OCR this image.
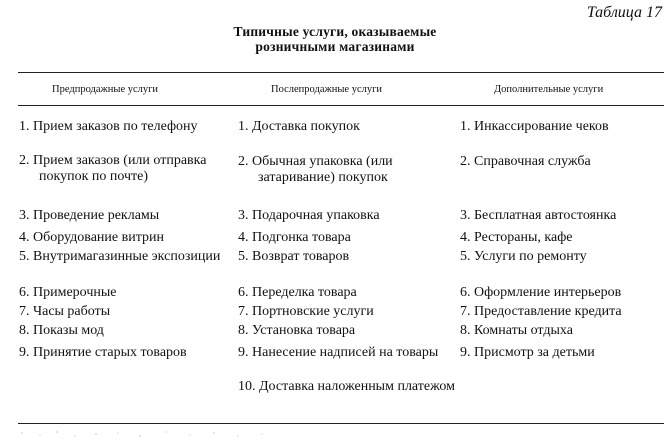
Таблица 17
Типичные услуги, оказываемые
розничными магазинами
Предпродажные услуги	Послепродажные услуги	Дополнительные услуги
1. Прием заказов по телефону
2. Прием заказов (или отправка покупок по почте)
3. Проведение рекламы
4. Оборудование витрин
5. Внутримагазинные экспозиции
6. Примерочные
7. Часы работы
8. Показы мод
9. Принятие старых товаров
1. Доставка покупок
2. Обычная упаковка (или затаривание) покупок
3. Подарочная упаковка
4. Подгонка товара
5. Возврат товаров
6. Переделка товара
7. Портновские услуги
8. Установка товара
9. Нанесение надписей на товары
10. Доставка наложенным платежом
1. Инкассирование чеков
2. Справочная служба
3. Бесплатная автостоянка
4. Рестораны, кафе
5. Услуги по ремонту
6. Оформление интерьеров
7. Предоставление кредита
8. Комнаты отдыха
9. Присмотр за детьми
